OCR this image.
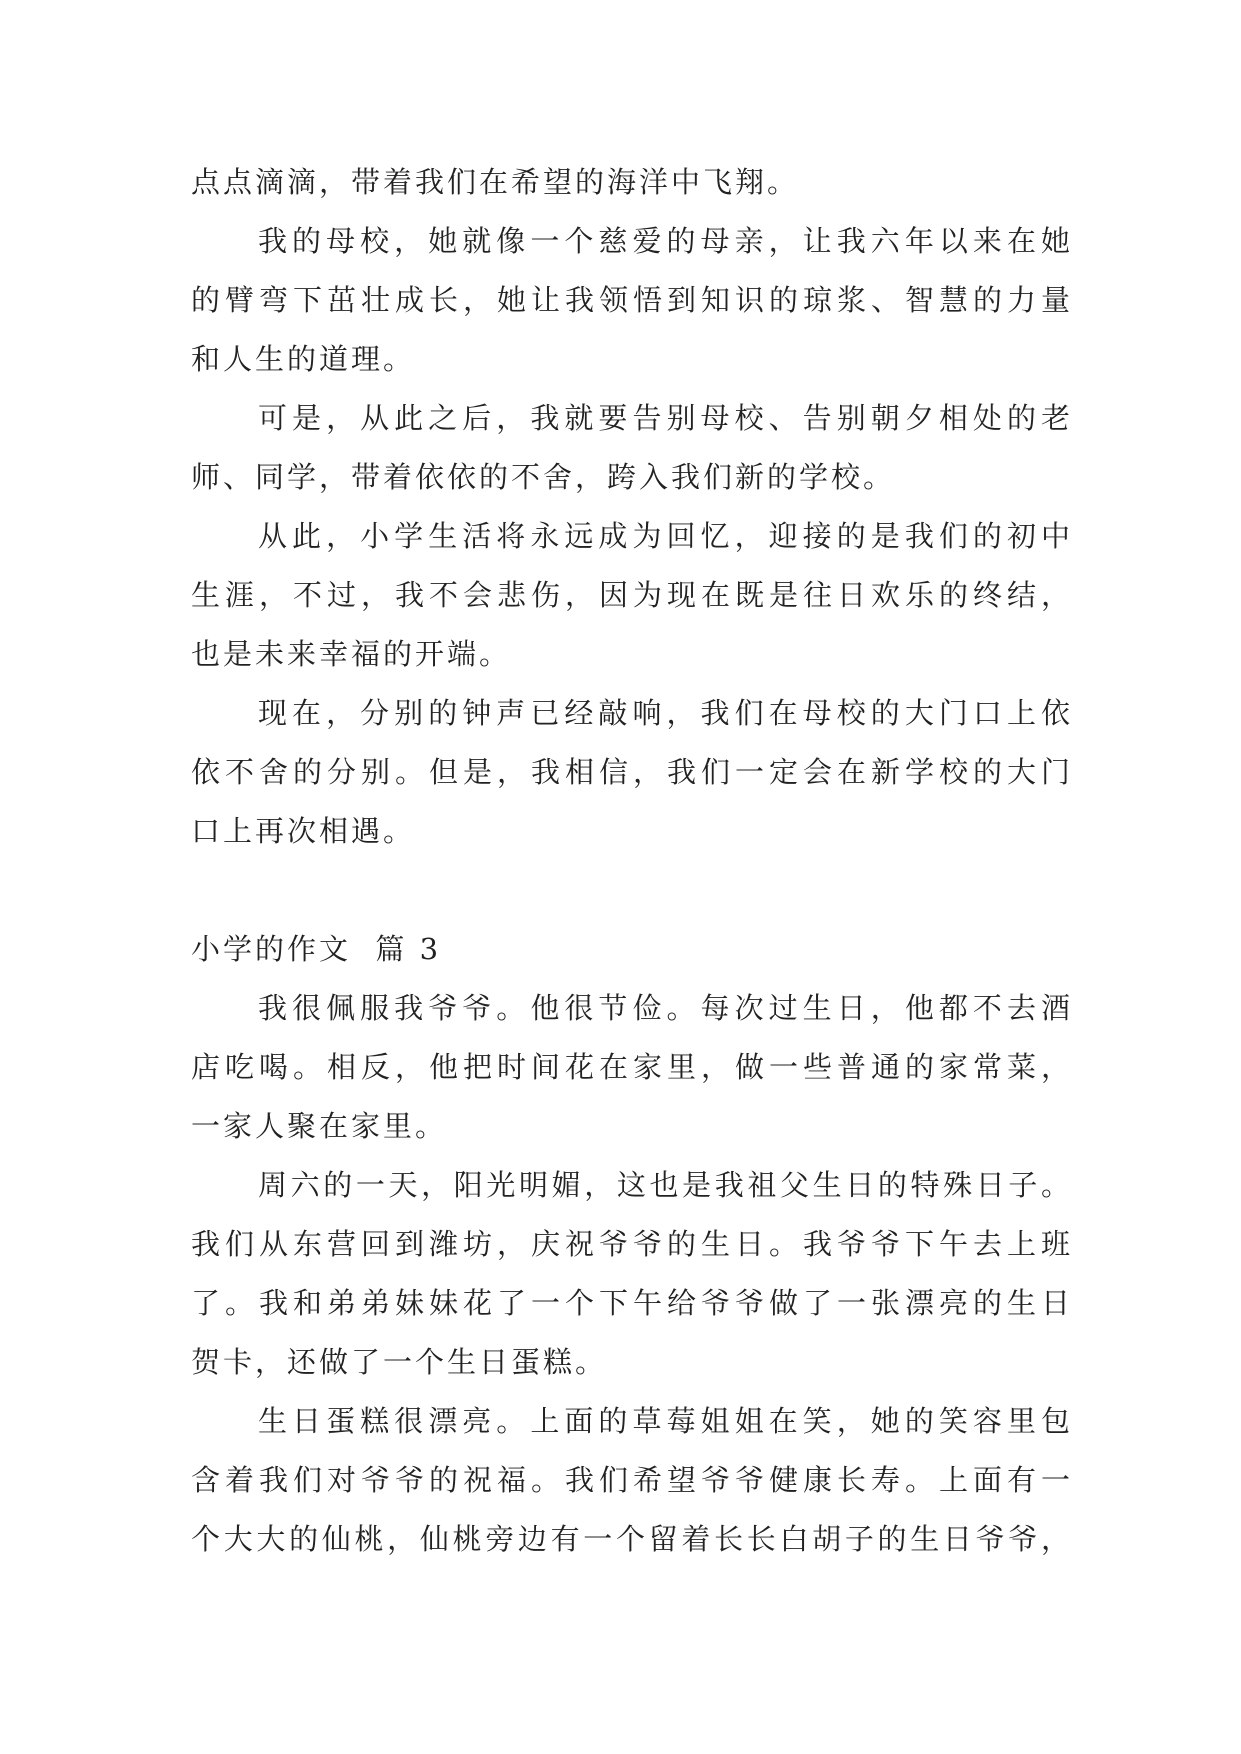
点点滴滴，带着我们在希望的海洋中飞翔。
我的母校，她就像一个慈爱的母亲，让我六年以来在她
的臂弯下茁壮成长，她让我领悟到知识的琼浆、智慧的力量
和人生的道理。
可是，从此之后，我就要告别母校、告别朝夕相处的老
师、同学，带着依依的不舍，跨入我们新的学校。
从此，小学生活将永远成为回忆，迎接的是我们的初中
生涯，不过，我不会悲伤，因为现在既是往日欢乐的终结，
也是未来幸福的开端。
现在，分别的钟声已经敲响，我们在母校的大门口上依
依不舍的分别。但是，我相信，我们一定会在新学校的大门
口上再次相遇。
小学的作文  篇 3
我很佩服我爷爷。他很节俭。每次过生日，他都不去酒
店吃喝。相反，他把时间花在家里，做一些普通的家常菜，
一家人聚在家里。
周六的一天，阳光明媚，这也是我祖父生日的特殊日子。
我们从东营回到潍坊，庆祝爷爷的生日。我爷爷下午去上班
了。我和弟弟妹妹花了一个下午给爷爷做了一张漂亮的生日
贺卡，还做了一个生日蛋糕。
生日蛋糕很漂亮。上面的草莓姐姐在笑，她的笑容里包
含着我们对爷爷的祝福。我们希望爷爷健康长寿。上面有一
个大大的仙桃，仙桃旁边有一个留着长长白胡子的生日爷爷，
